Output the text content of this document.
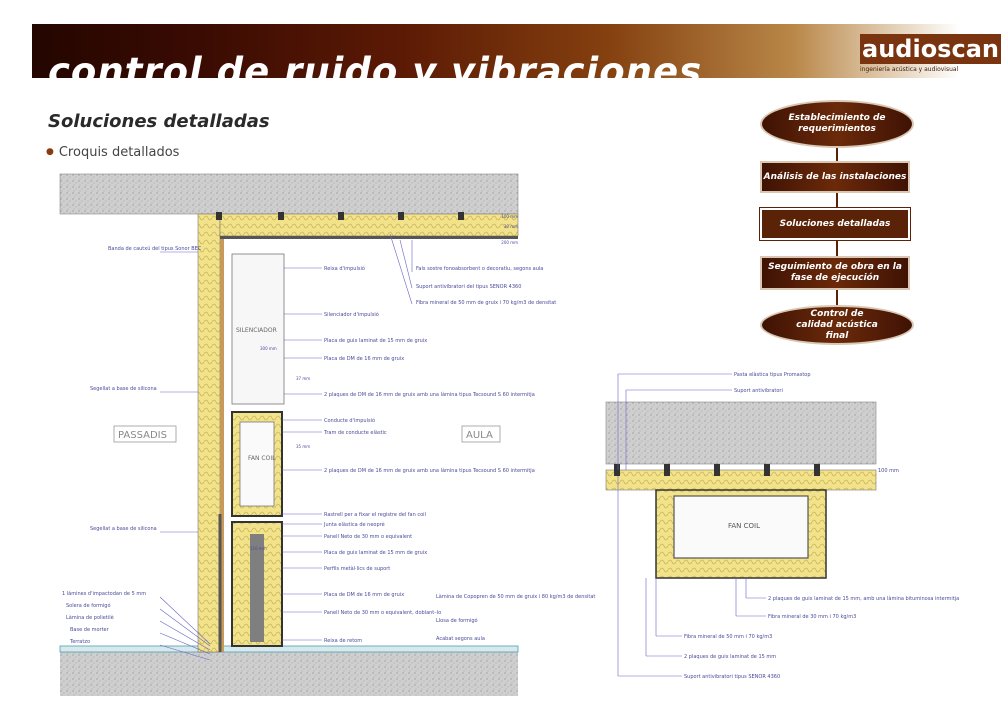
control de ruido y vibraciones
audioscan
ingeniería acústica y audiovisual
Soluciones detalladas
● Croquis detallados
Establecimiento de requerimientos
Análisis de las instalaciones
Soluciones detalladas
Seguimiento de obra en la fase de ejecución
Control de calidad acústica final
SILENCIADOR
FAN COIL
PASSADIS	AULA
Banda de cautxú del tipus Sonor BEC
Segellat a base de silicona
Segellat a base de silicona
1 làmines d'impactodan de 5 mm
Solera de formigó
Làmina de polietilè
Base de morter
Terratzo
Reixa d'impulsió	Fals sostre fonoabsorbent o decoratiu, segons aula
Suport antivibratori del tipus SENOR 4360
Fibra mineral de 50 mm de gruix i 70 kg/m3 de densitat
Silenciador d'impulsió
Placa de guix laminat de 15 mm de gruix
Placa de DM de 16 mm de gruix
2 plaques de DM de 16 mm de gruix amb una làmina tipus Tecsound S 60 intermitja
Conducte d'impulsió
Tram de conducte elàstic
2 plaques de DM de 16 mm de gruix amb una làmina tipus Tecsound S 60 intermitja
Rastrell per a fixar el registre del fan coil
Junta elàstica de neoprè
Panell Neto de 30 mm o equivalent
Placa de guix laminat de 15 mm de gruix
Perfils metàl·lics de suport
Placa de DM de 16 mm de gruix
Panell Neto de 30 mm o equivalent, doblant–lo
Reixa de retorn
Làmina de Copopren de 50 mm de gruix i 80 kg/m3 de densitat
Llosa de formigó
Acabat segons aula
100 mm
30 mm
200 mm
300 mm
37 mm
35 mm
110 mm
FAN COIL
100 mm
Pasta elàstica tipus Promastop
Suport antivibratori
2 plaques de guix laminat de 15 mm, amb una làmina bituminosa intermitja
Fibra mineral de 30 mm i 70 kg/m3
Fibra mineral de 50 mm i 70 kg/m3
2 plaques de guix laminat de 15 mm
Suport antivibratori tipus SENOR 4360
